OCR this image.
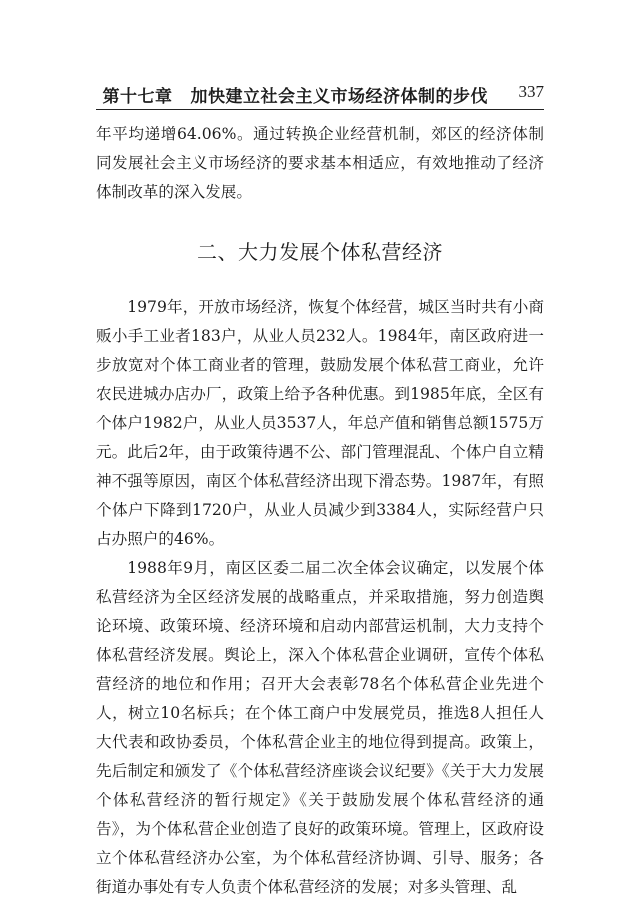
第十七章 加快建立社会主义市场经济体制的步伐 337

年平均递增64.06%。通过转换企业经营机制，郊区的经济体制同发展社会主义市场经济的要求基本相适应，有效地推动了经济体制改革的深入发展。

二、大力发展个体私营经济

1979年，开放市场经济，恢复个体经营，城区当时共有小商贩小手工业者183户，从业人员232人。1984年，南区政府进一步放宽对个体工商业者的管理，鼓励发展个体私营工商业，允许农民进城办店办厂，政策上给予各种优惠。到1985年底，全区有个体户1982户，从业人员3537人，年总产值和销售总额1575万元。此后2年，由于政策待遇不公、部门管理混乱、个体户自立精神不强等原因，南区个体私营经济出现下滑态势。1987年，有照个体户下降到1720户，从业人员减少到3384人，实际经营户只占办照户的46%。

1988年9月，南区区委二届二次全体会议确定，以发展个体私营经济为全区经济发展的战略重点，并采取措施，努力创造舆论环境、政策环境、经济环境和启动内部营运机制，大力支持个体私营经济发展。舆论上，深入个体私营企业调研，宣传个体私营经济的地位和作用；召开大会表彰78名个体私营企业先进个人，树立10名标兵；在个体工商户中发展党员，推选8人担任人大代表和政协委员，个体私营企业主的地位得到提高。政策上，先后制定和颁发了《个体私营经济座谈会议纪要》《关于大力发展个体私营经济的暂行规定》《关于鼓励发展个体私营经济的通告》，为个体私营企业创造了良好的政策环境。管理上，区政府设立个体私营经济办公室，为个体私营经济协调、引导、服务；各街道办事处有专人负责个体私营经济的发展；对多头管理、乱
